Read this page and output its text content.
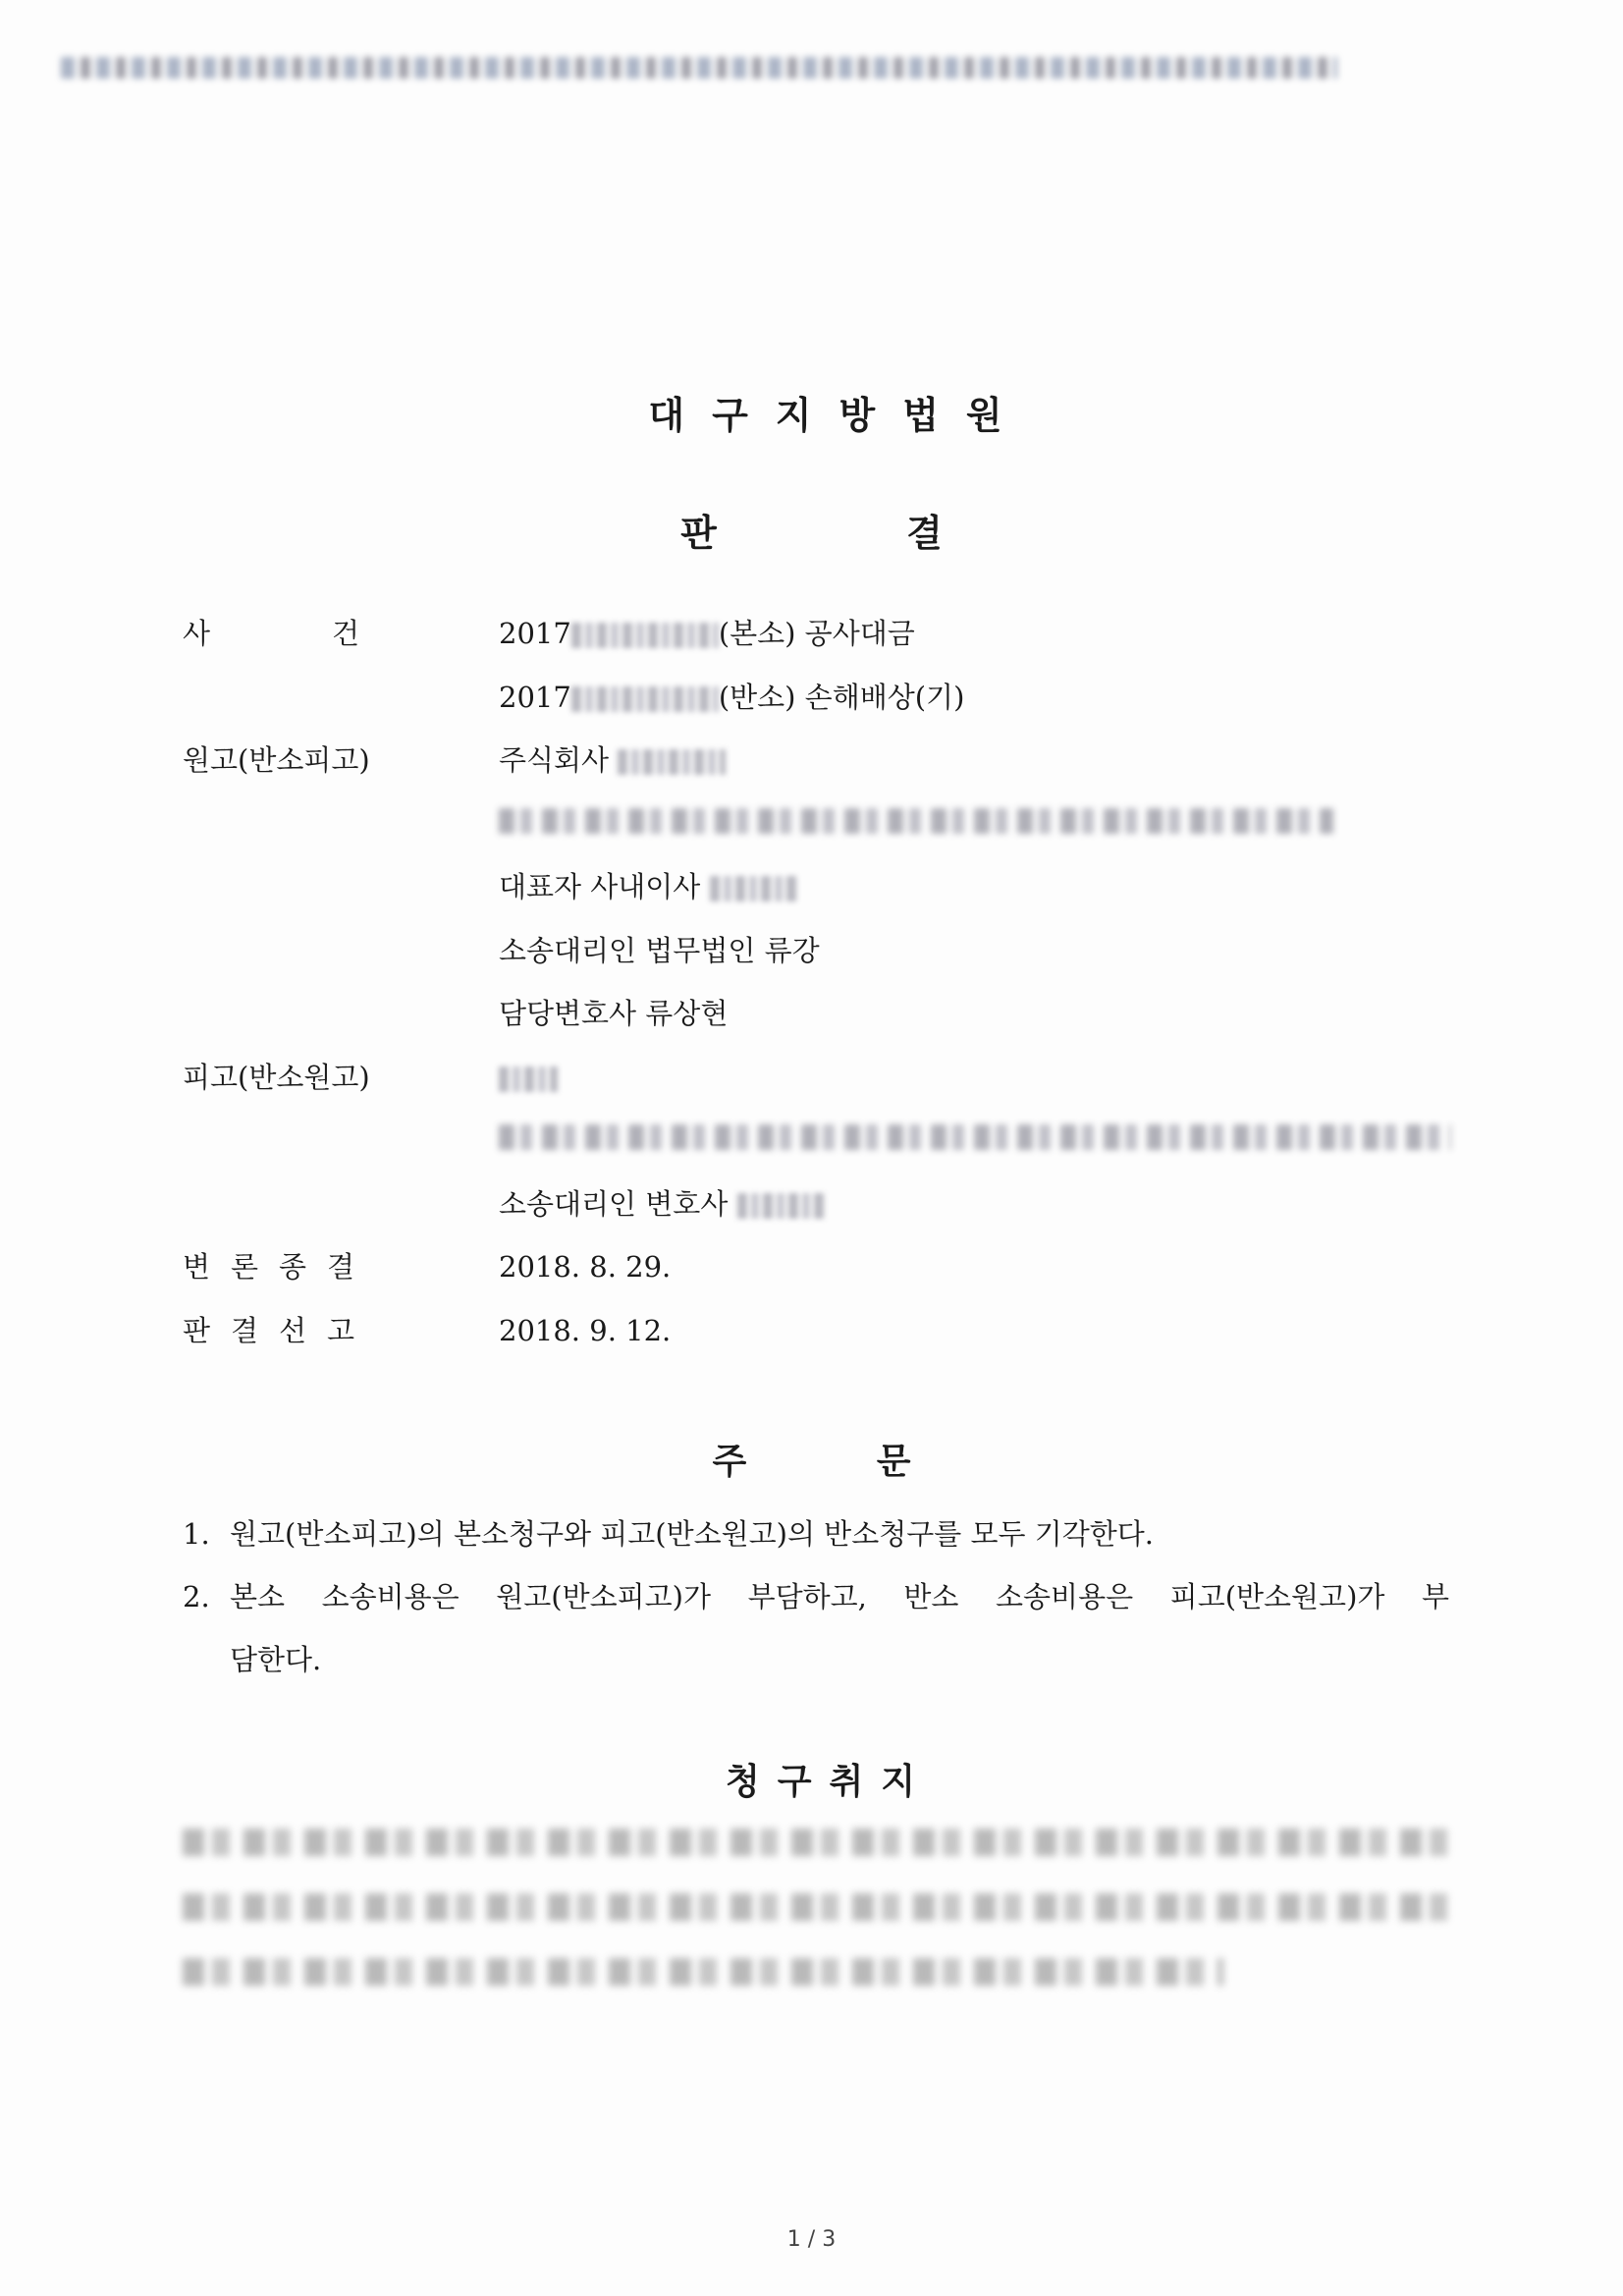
대구지방법원
판 결
사	건	2017	(본소) 공사대금
2017	(반소) 손해배상(기)
원고(반소피고)	주식회사
대표자 사내이사
소송대리인 법무법인 류강
담당변호사 류상현
피고(반소원고)
소송대리인 변호사
변 론 종 결	2018. 8. 29.
판 결 선 고	2018. 9. 12.
주 문
1. 원고(반소피고)의 본소청구와 피고(반소원고)의 반소청구를 모두 기각한다.
2. 본소 소송비용은 원고(반소피고)가 부담하고, 반소 소송비용은 피고(반소원고)가 부
담한다.
청구취지
1 / 3
